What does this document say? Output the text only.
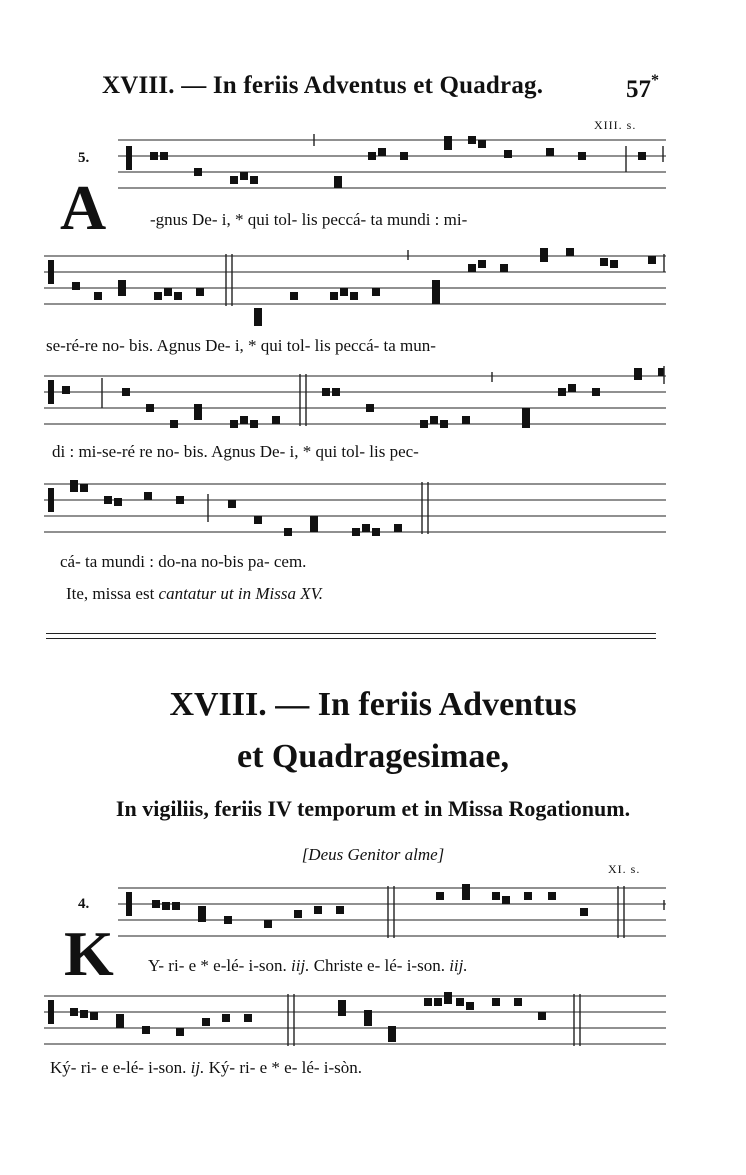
XVIII. — In feriis Adventus et Quadrag.	57*
XIII. s.
5.
A	-gnus De- i, * qui tol- lis peccá- ta mundi : mi-
se-ré-re no- bis. Agnus De- i, * qui tol- lis peccá- ta mun-
di : mi-se-ré re no- bis. Agnus De- i, * qui tol- lis pec-
cá- ta mundi : do-na no-bis pa- cem.
Ite, missa est cantatur ut in Missa XV.
XVIII. — In feriis Adventus
et Quadragesimae,
In vigiliis, feriis IV temporum et in Missa Rogationum.
[Deus Genitor alme]
XI. s.
4.
K Y- ri- e * e-lé- i-son. iij. Christe e- lé- i-son. iij.
Ký- ri- e e-lé- i-son. ij. Ký- ri- e * e- lé- i-sòn.
